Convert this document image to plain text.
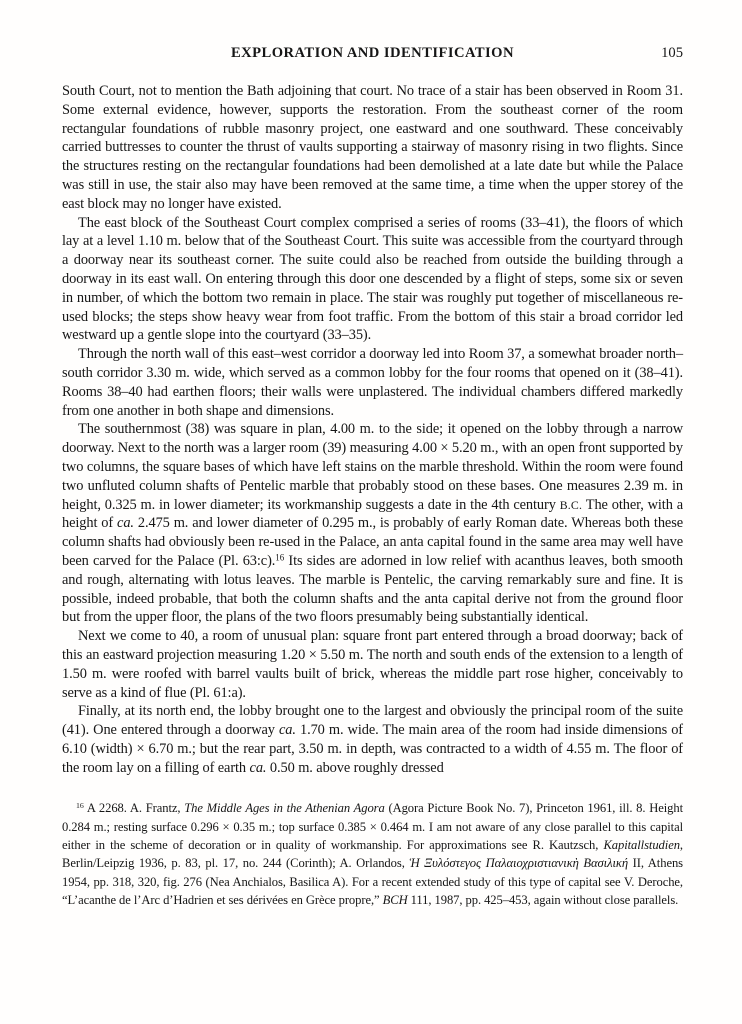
EXPLORATION AND IDENTIFICATION	105

South Court, not to mention the Bath adjoining that court. No trace of a stair has been observed in Room 31. Some external evidence, however, supports the restoration. From the southeast corner of the room rectangular foundations of rubble masonry project, one eastward and one southward. These conceivably carried buttresses to counter the thrust of vaults supporting a stairway of masonry rising in two flights. Since the structures resting on the rectangular foundations had been demolished at a late date but while the Palace was still in use, the stair also may have been removed at the same time, a time when the upper storey of the east block may no longer have existed.

The east block of the Southeast Court complex comprised a series of rooms (33–41), the floors of which lay at a level 1.10 m. below that of the Southeast Court. This suite was accessible from the courtyard through a doorway near its southeast corner. The suite could also be reached from outside the building through a doorway in its east wall. On entering through this door one descended by a flight of steps, some six or seven in number, of which the bottom two remain in place. The stair was roughly put together of miscellaneous re-used blocks; the steps show heavy wear from foot traffic. From the bottom of this stair a broad corridor led westward up a gentle slope into the courtyard (33–35).

Through the north wall of this east–west corridor a doorway led into Room 37, a somewhat broader north–south corridor 3.30 m. wide, which served as a common lobby for the four rooms that opened on it (38–41). Rooms 38–40 had earthen floors; their walls were unplastered. The individual chambers differed markedly from one another in both shape and dimensions.

The southernmost (38) was square in plan, 4.00 m. to the side; it opened on the lobby through a narrow doorway. Next to the north was a larger room (39) measuring 4.00 × 5.20 m., with an open front supported by two columns, the square bases of which have left stains on the marble threshold. Within the room were found two unfluted column shafts of Pentelic marble that probably stood on these bases. One measures 2.39 m. in height, 0.325 m. in lower diameter; its workmanship suggests a date in the 4th century B.C. The other, with a height of ca. 2.475 m. and lower diameter of 0.295 m., is probably of early Roman date. Whereas both these column shafts had obviously been re-used in the Palace, an anta capital found in the same area may well have been carved for the Palace (Pl. 63:c).$^{16}$ Its sides are adorned in low relief with acanthus leaves, both smooth and rough, alternating with lotus leaves. The marble is Pentelic, the carving remarkably sure and fine. It is possible, indeed probable, that both the column shafts and the anta capital derive not from the ground floor but from the upper floor, the plans of the two floors presumably being substantially identical.

Next we come to 40, a room of unusual plan: square front part entered through a broad doorway; back of this an eastward projection measuring 1.20 × 5.50 m. The north and south ends of the extension to a length of 1.50 m. were roofed with barrel vaults built of brick, whereas the middle part rose higher, conceivably to serve as a kind of flue (Pl. 61:a).

Finally, at its north end, the lobby brought one to the largest and obviously the principal room of the suite (41). One entered through a doorway ca. 1.70 m. wide. The main area of the room had inside dimensions of 6.10 (width) × 6.70 m.; but the rear part, 3.50 m. in depth, was contracted to a width of 4.55 m. The floor of the room lay on a filling of earth ca. 0.50 m. above roughly dressed

$^{16}$ A 2268. A. Frantz, The Middle Ages in the Athenian Agora (Agora Picture Book No. 7), Princeton 1961, ill. 8. Height 0.284 m.; resting surface 0.296 × 0.35 m.; top surface 0.385 × 0.464 m. I am not aware of any close parallel to this capital either in the scheme of decoration or in quality of workmanship. For approximations see R. Kautzsch, Kapitallstudien, Berlin/Leipzig 1936, p. 83, pl. 17, no. 244 (Corinth); A. Orlandos, Ἡ Ξυλόστεγος Παλαιοχριστιανικὴ Βασιλική II, Athens 1954, pp. 318, 320, fig. 276 (Nea Anchialos, Basilica A). For a recent extended study of this type of capital see V. Deroche, “L’acanthe de l’Arc d’Hadrien et ses dérivées en Grèce propre,” BCH 111, 1987, pp. 425–453, again without close parallels.
